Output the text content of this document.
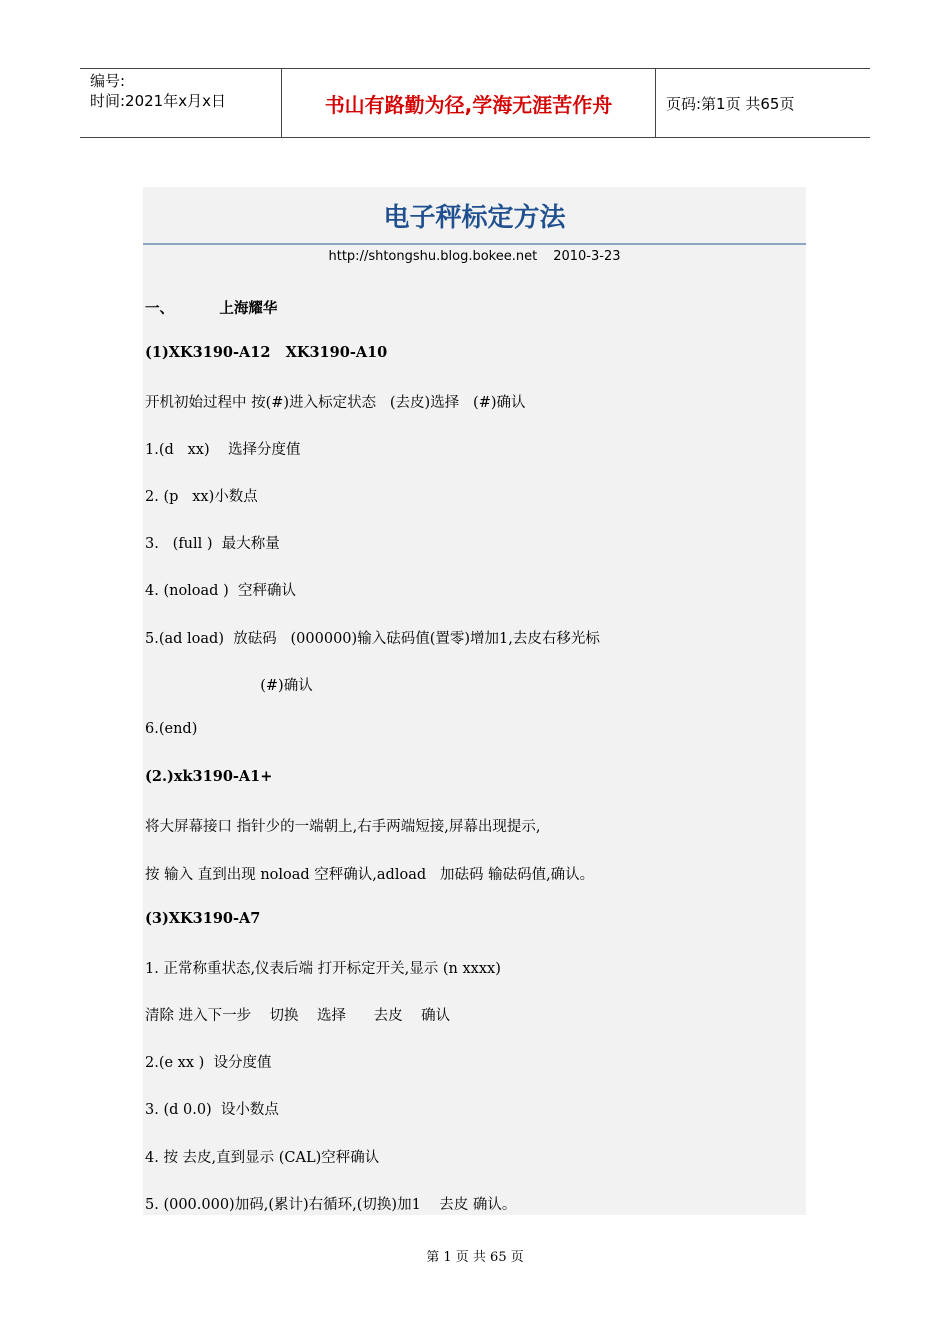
编号:
时间:2021年x月x日	书山有路勤为径,学海无涯苦作舟	页码:第1页 共65页
电子秤标定方法
http://shtongshu.blog.bokee.net 2010-3-23
一、         上海耀华
(1)XK3190-A12   XK3190-A10
开机初始过程中 按(#)进入标定状态   (去皮)选择   (#)确认
1.(d   xx)    选择分度值
2. (p   xx)小数点
3.   (full )  最大称量
4. (noload )  空秤确认
5.(ad load)  放砝码   (000000)输入砝码值(置零)增加1,去皮右移光标
(#)确认
6.(end)
(2.)xk3190-A1+
将大屏幕接口 指针少的一端朝上,右手两端短接,屏幕出现提示,
按 输入 直到出现 noload 空秤确认,adload   加砝码 输砝码值,确认。
(3)XK3190-A7
1. 正常称重状态,仪表后端 打开标定开关,显示 (n xxxx)
清除 进入下一步    切换    选择      去皮    确认
2.(e xx )  设分度值
3. (d 0.0)  设小数点
4. 按 去皮,直到显示 (CAL)空秤确认
5. (000.000)加码,(累计)右循环,(切换)加1    去皮 确认。
第 1 页 共 65 页
